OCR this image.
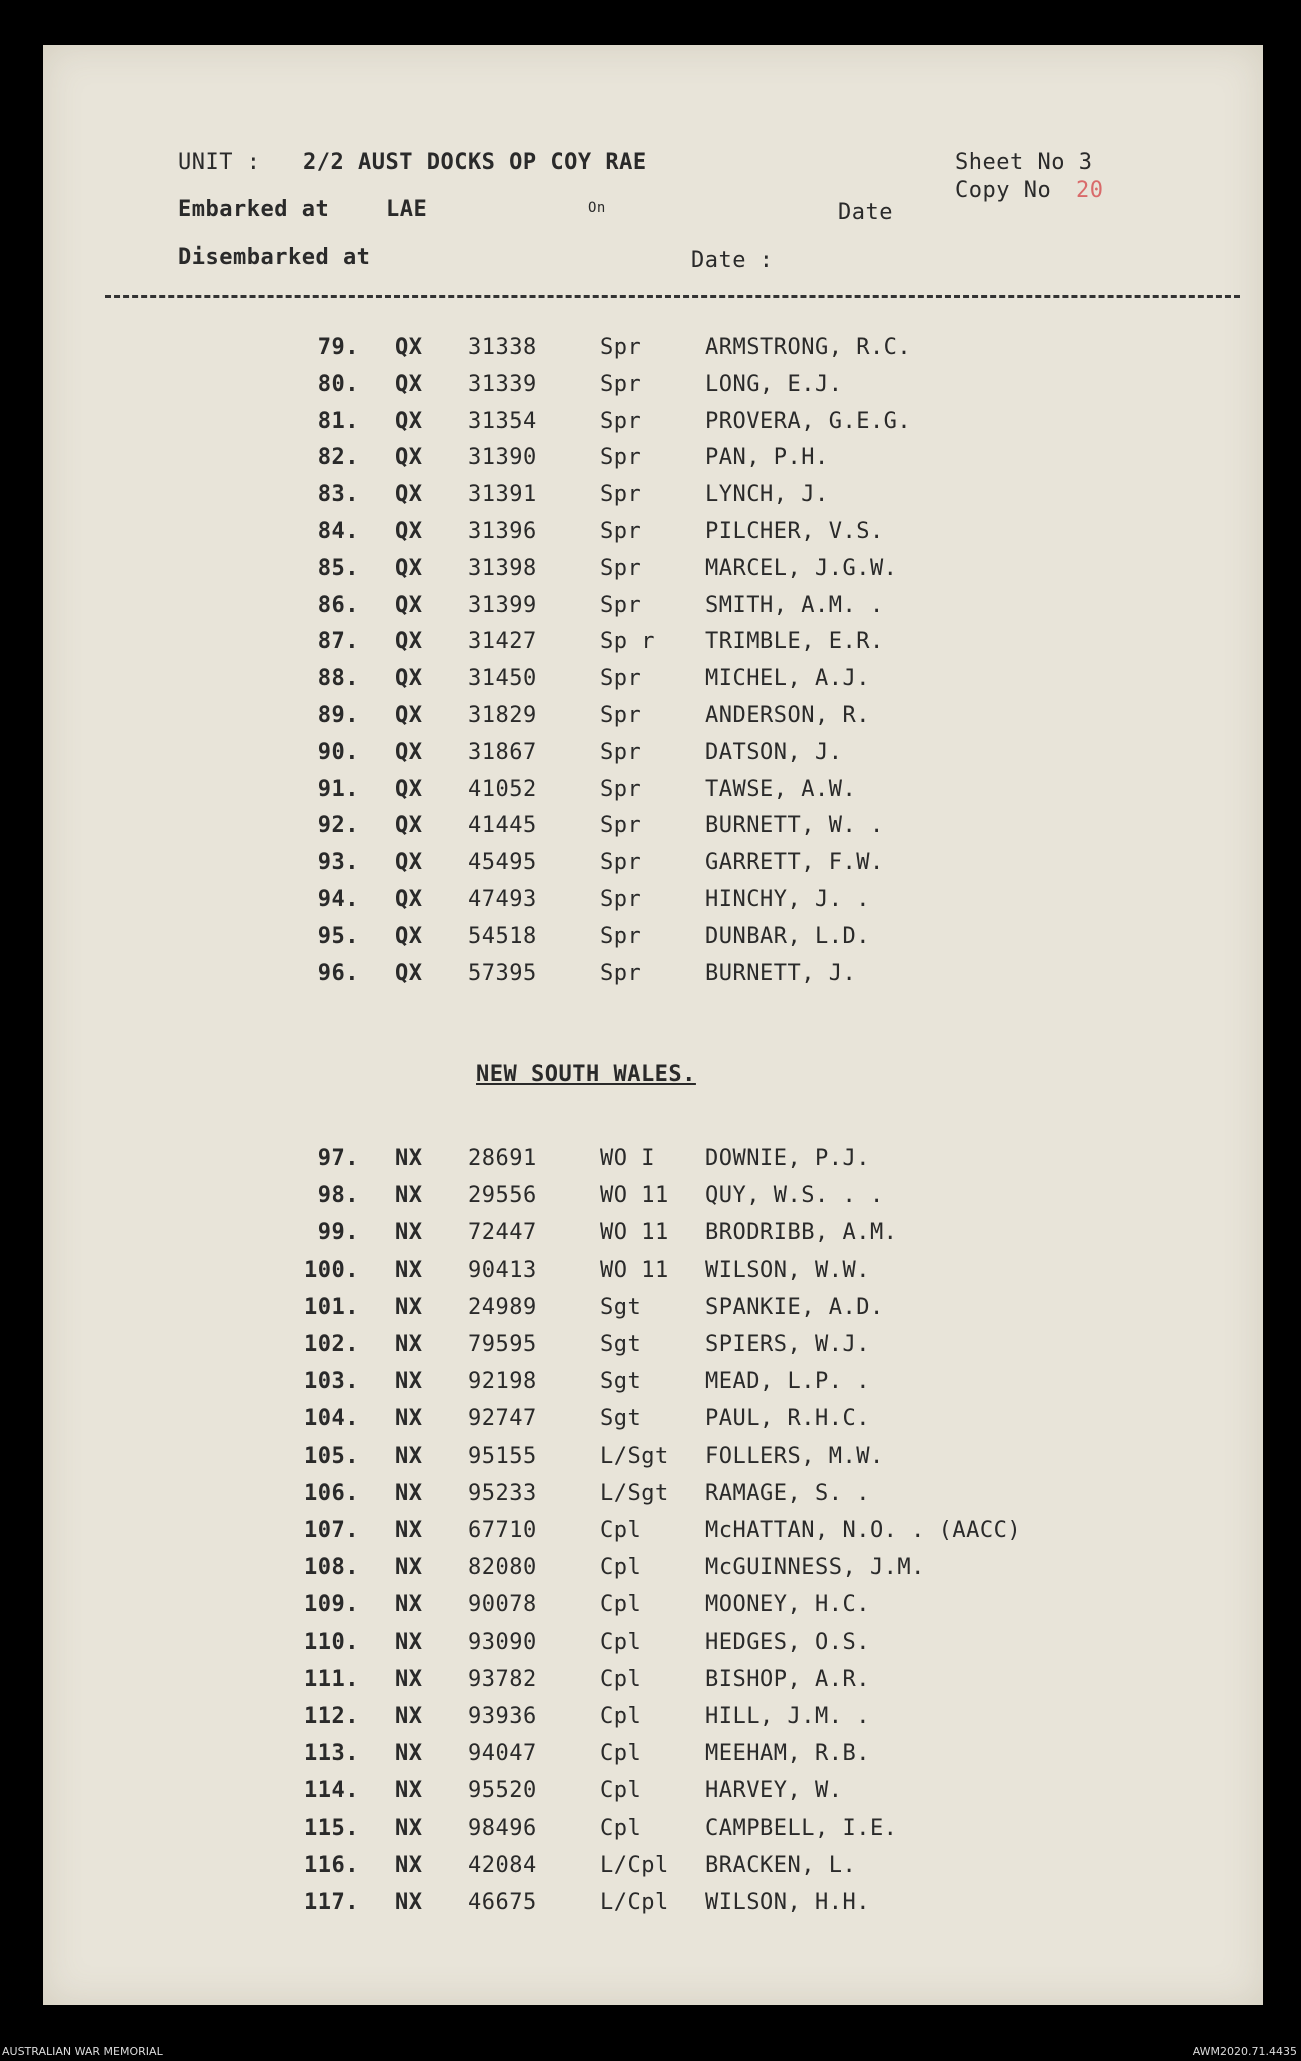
UNIT : 2/2 AUST DOCKS OP COY RAE	Sheet No 3
Copy No 20
Embarked at	LAE	On	Date
Disembarked at	Date :
79. QX 31338	Spr	ARMSTRONG, R.C.
80. QX 31339	Spr	LONG, E.J.
81. QX 31354	Spr	PROVERA, G.E.G.
82. QX 31390	Spr	PAN, P.H.
83. QX 31391	Spr	LYNCH, J.
84. QX 31396	Spr	PILCHER, V.S.
85. QX 31398	Spr	MARCEL, J.G.W.
86. QX 31399	Spr	SMITH, A.M. .
87. QX 31427	Sp r TRIMBLE, E.R.
88. QX 31450	Spr	MICHEL, A.J.
89. QX 31829	Spr	ANDERSON, R.
90. QX 31867	Spr	DATSON, J.
91. QX 41052	Spr	TAWSE, A.W.
92. QX 41445	Spr	BURNETT, W. .
93. QX 45495	Spr	GARRETT, F.W.
94. QX 47493	Spr	HINCHY, J. .
95. QX 54518	Spr	DUNBAR, L.D.
96. QX 57395	Spr	BURNETT, J.
NEW SOUTH WALES.
97. NX 28691	WO I DOWNIE, P.J.
98. NX 29556	WO 11 QUY, W.S. . .
99. NX 72447	WO 11 BRODRIBB, A.M.
100. NX 90413	WO 11 WILSON, W.W.
101. NX 24989	Sgt	SPANKIE, A.D.
102. NX 79595	Sgt	SPIERS, W.J.
103. NX 92198	Sgt	MEAD, L.P. .
104. NX 92747	Sgt	PAUL, R.H.C.
105. NX 95155	L/Sgt FOLLERS, M.W.
106. NX 95233	L/Sgt RAMAGE, S. .
107. NX 67710	Cpl	McHATTAN, N.O. . (AACC)
108. NX 82080	Cpl	McGUINNESS, J.M.
109. NX 90078	Cpl	MOONEY, H.C.
110. NX 93090	Cpl	HEDGES, O.S.
111. NX 93782	Cpl	BISHOP, A.R.
112. NX 93936	Cpl	HILL, J.M. .
113. NX 94047	Cpl	MEEHAM, R.B.
114. NX 95520	Cpl	HARVEY, W.
115. NX 98496	Cpl	CAMPBELL, I.E.
116. NX 42084	L/Cpl BRACKEN, L.
117. NX 46675	L/Cpl WILSON, H.H.
AUSTRALIAN WAR MEMORIAL	AWM2020.71.4435
